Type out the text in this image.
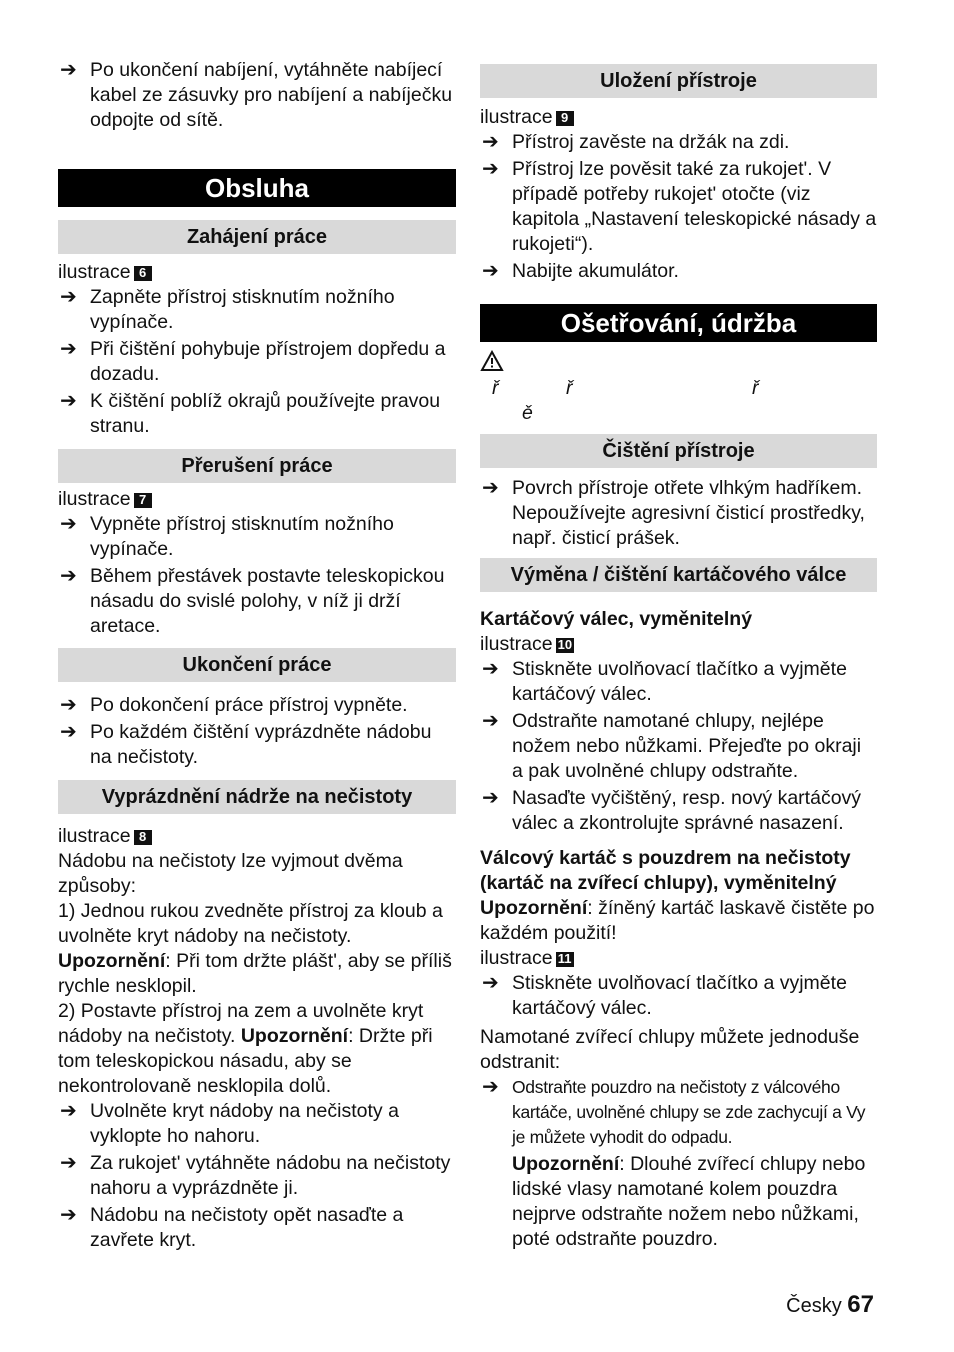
➔ Po ukončení nabíjení, vytáhněte nabíjecí kabel ze zásuvky pro nabíjení a nabíječku odpojte od sítě.
Obsluha
Zahájení práce
ilustrace 6
➔ Zapněte přístroj stisknutím nožního vypínače.
➔ Při čištění pohybuje přístrojem dopředu a dozadu.
➔ K čištění poblíž okrajů používejte pravou stranu.
Přerušení práce
ilustrace 7
➔ Vypněte přístroj stisknutím nožního vypínače.
➔ Během přestávek postavte teleskopickou násadu do svislé polohy, v níž ji drží aretace.
Ukončení práce
➔ Po dokončení práce přístroj vypněte.
➔ Po každém čištění vyprázdněte nádobu na nečistoty.
Vyprázdnění nádrže na nečistoty
ilustrace 8

Nádobu na nečistoty lze vyjmout dvěma způsoby:

1) Jednou rukou zvedněte přístroj za kloub a uvolněte kryt nádoby na nečistoty.

Upozornění: Při tom držte plášt', aby se příliš rychle nesklopil.

2) Postavte přístroj na zem a uvolněte kryt nádoby na nečistoty. Upozornění: Držte při tom teleskopickou násadu, aby se nekontrolovaně nesklopila dolů.

➔ Uvolněte kryt nádoby na nečistoty a vyklopte ho nahoru.
➔ Za rukojet' vytáhněte nádobu na nečistoty nahoru a vyprázdněte ji.
➔ Nádobu na nečistoty opět nasaďte a zavřete kryt.
Uložení přístroje
ilustrace 9
➔ Přístroj zavěste na držák na zdi.
➔ Přístroj lze pověsit také za rukojet'. V případě potřeby rukojet' otočte (viz kapitola „Nastavení teleskopické násady a rukojeti“).
➔ Nabijte akumulátor.
Ošetřování, údržba
ř	ř	ř
ě
Čištění přístroje
➔ Povrch přístroje otřete vlhkým hadříkem. Nepoužívejte agresivní čisticí prostředky, např. čisticí prášek.
Výměna / čištění kartáčového válce

Kartáčový válec, vyměnitelný

ilustrace 10
➔ Stiskněte uvolňovací tlačítko a vyjměte kartáčový válec.
➔ Odstraňte namotané chlupy, nejlépe nožem nebo nůžkami. Přejeďte po okraji a pak uvolněné chlupy odstraňte.
➔ Nasaďte vyčištěný, resp. nový kartáčový válec a zkontrolujte správné nasazení.

Válcový kartáč s pouzdrem na nečistoty (kartáč na zvířecí chlupy), vyměnitelný

Upozornění: žíněný kartáč laskavě čistěte po každém použití!

ilustrace 11
➔ Stiskněte uvolňovací tlačítko a vyjměte kartáčový válec.

Namotané zvířecí chlupy můžete jednoduše odstranit:

➔ Odstraňte pouzdro na nečistoty z válcového kartáče, uvolněné chlupy se zde zachycují a Vy je můžete vyhodit do odpadu.
Upozornění: Dlouhé zvířecí chlupy nebo lidské vlasy namotané kolem pouzdra nejprve odstraňte nožem nebo nůžkami, poté odstraňte pouzdro.
Česky 67
